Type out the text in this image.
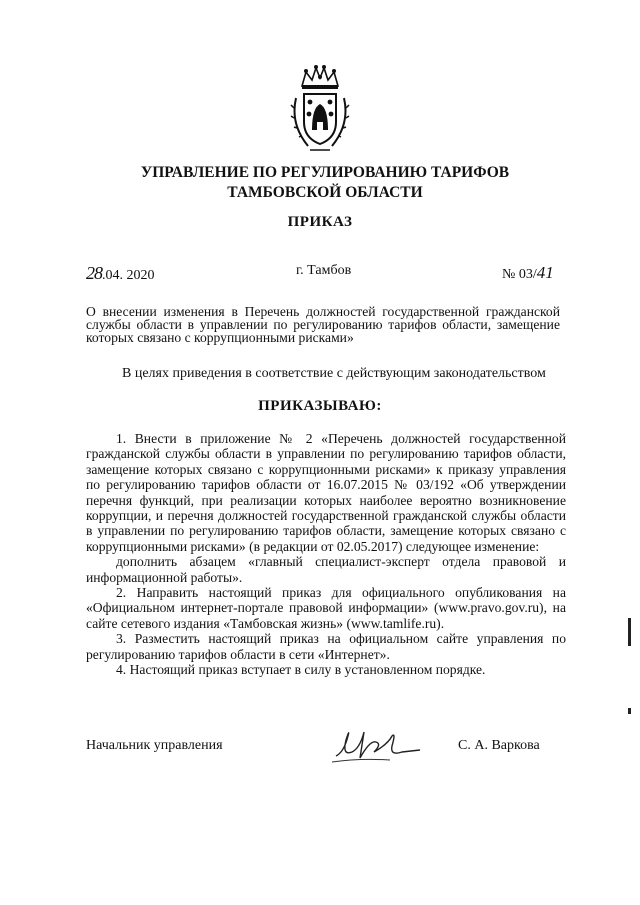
УПРАВЛЕНИЕ ПО РЕГУЛИРОВАНИЮ ТАРИФОВ
ТАМБОВСКОЙ ОБЛАСТИ
ПРИКАЗ
28.04. 2020	г. Тамбов	№ 03/41
О внесении изменения в Перечень должностей государственной гражданской службы области в управлении по регулированию тарифов области, замещение которых связано с коррупционными рисками»
В целях приведения в соответствие с действующим законодательством
ПРИКАЗЫВАЮ:

1. Внести в приложение № 2 «Перечень должностей государственной гражданской службы области в управлении по регулированию тарифов области, замещение которых связано с коррупционными рисками» к приказу управления по регулированию тарифов области от 16.07.2015 № 03/192 «Об утверждении перечня функций, при реализации которых наиболее вероятно возникновение коррупции, и перечня должностей государственной гражданской службы области в управлении по регулированию тарифов области, замещение которых связано с коррупционными рисками» (в редакции от 02.05.2017) следующее изменение:

дополнить абзацем «главный специалист-эксперт отдела правовой и информационной работы».

2. Направить настоящий приказ для официального опубликования на «Официальном интернет-портале правовой информации» (www.pravo.gov.ru), на сайте сетевого издания «Тамбовская жизнь» (www.tamlife.ru).

3. Разместить настоящий приказ на официальном сайте управления по регулированию тарифов области в сети «Интернет».

4. Настоящий приказ вступает в силу в установленном порядке.

Начальник управления	С. А. Варкова
